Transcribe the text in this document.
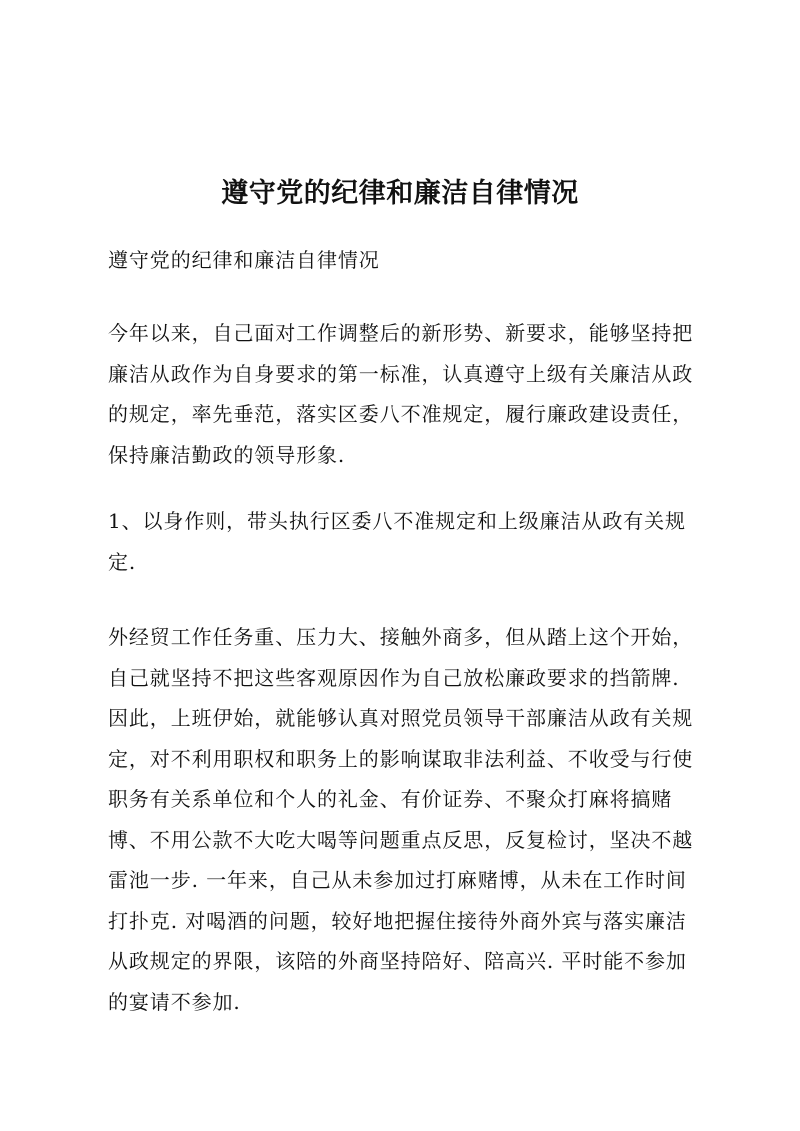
遵守党的纪律和廉洁自律情况

遵守党的纪律和廉洁自律情况

今年以来，自己面对工作调整后的新形势、新要求，能够坚持把廉洁从政作为自身要求的第一标准，认真遵守上级有关廉洁从政的规定，率先垂范，落实区委八不准规定，履行廉政建设责任，保持廉洁勤政的领导形象.

1、以身作则，带头执行区委八不准规定和上级廉洁从政有关规定.

外经贸工作任务重、压力大、接触外商多，但从踏上这个开始，自己就坚持不把这些客观原因作为自己放松廉政要求的挡箭牌.因此，上班伊始，就能够认真对照党员领导干部廉洁从政有关规定，对不利用职权和职务上的影响谋取非法利益、不收受与行使职务有关系单位和个人的礼金、有价证券、不聚众打麻将搞赌博、不用公款不大吃大喝等问题重点反思，反复检讨，坚决不越雷池一步. 一年来，自己从未参加过打麻赌博，从未在工作时间打扑克. 对喝酒的问题，较好地把握住接待外商外宾与落实廉洁从政规定的界限，该陪的外商坚持陪好、陪高兴. 平时能不参加的宴请不参加.
